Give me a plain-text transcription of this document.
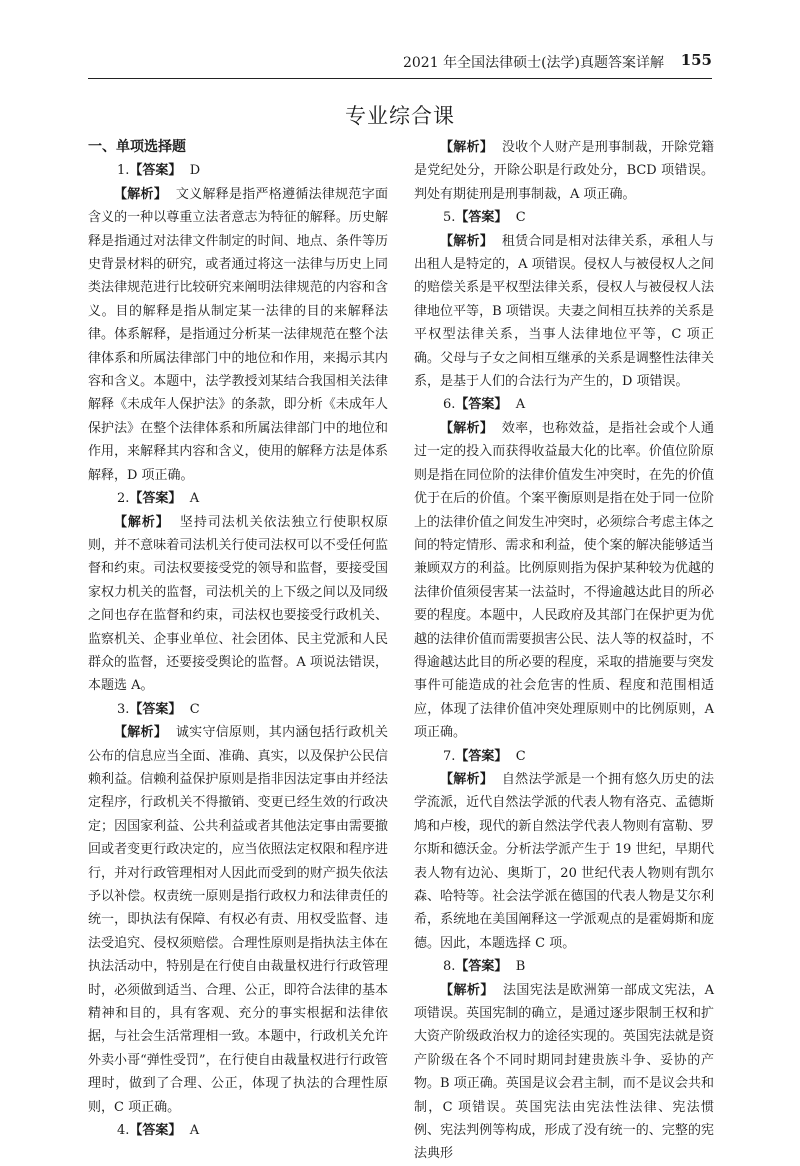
2021 年全国法律硕士(法学)真题答案详解 155
专业综合课

一、单项选择题

1.【答案】 D

【解析】 文义解释是指严格遵循法律规范字面含义的一种以尊重立法者意志为特征的解释。历史解释是指通过对法律文件制定的时间、地点、条件等历史背景材料的研究，或者通过将这一法律与历史上同类法律规范进行比较研究来阐明法律规范的内容和含义。目的解释是指从制定某一法律的目的来解释法律。体系解释，是指通过分析某一法律规范在整个法律体系和所属法律部门中的地位和作用，来揭示其内容和含义。本题中，法学教授刘某结合我国相关法律解释《未成年人保护法》的条款，即分析《未成年人保护法》在整个法律体系和所属法律部门中的地位和作用，来解释其内容和含义，使用的解释方法是体系解释，D 项正确。

2.【答案】 A

【解析】 坚持司法机关依法独立行使职权原则，并不意味着司法机关行使司法权可以不受任何监督和约束。司法权要接受党的领导和监督，要接受国家权力机关的监督，司法机关的上下级之间以及同级之间也存在监督和约束，司法权也要接受行政机关、监察机关、企事业单位、社会团体、民主党派和人民群众的监督，还要接受舆论的监督。A 项说法错误，本题选 A。

3.【答案】 C

【解析】 诚实守信原则，其内涵包括行政机关公布的信息应当全面、准确、真实，以及保护公民信赖利益。信赖利益保护原则是指非因法定事由并经法定程序，行政机关不得撤销、变更已经生效的行政决定；因国家利益、公共利益或者其他法定事由需要撤回或者变更行政决定的，应当依照法定权限和程序进行，并对行政管理相对人因此而受到的财产损失依法予以补偿。权责统一原则是指行政权力和法律责任的统一，即执法有保障、有权必有责、用权受监督、违法受追究、侵权须赔偿。合理性原则是指执法主体在执法活动中，特别是在行使自由裁量权进行行政管理时，必须做到适当、合理、公正，即符合法律的基本精神和目的，具有客观、充分的事实根据和法律依据，与社会生活常理相一致。本题中，行政机关允许外卖小哥“弹性受罚”，在行使自由裁量权进行行政管理时，做到了合理、公正，体现了执法的合理性原则，C 项正确。

4.【答案】 A

【解析】 没收个人财产是刑事制裁，开除党籍是党纪处分，开除公职是行政处分，BCD 项错误。判处有期徒刑是刑事制裁，A 项正确。

5.【答案】 C

【解析】 租赁合同是相对法律关系，承租人与出租人是特定的，A 项错误。侵权人与被侵权人之间的赔偿关系是平权型法律关系，侵权人与被侵权人法律地位平等，B 项错误。夫妻之间相互扶养的关系是平权型法律关系，当事人法律地位平等，C 项正确。父母与子女之间相互继承的关系是调整性法律关系，是基于人们的合法行为产生的，D 项错误。

6.【答案】 A

【解析】 效率，也称效益，是指社会或个人通过一定的投入而获得收益最大化的比率。价值位阶原则是指在同位阶的法律价值发生冲突时，在先的价值优于在后的价值。个案平衡原则是指在处于同一位阶上的法律价值之间发生冲突时，必须综合考虑主体之间的特定情形、需求和利益，使个案的解决能够适当兼顾双方的利益。比例原则指为保护某种较为优越的法律价值须侵害某一法益时，不得逾越达此目的所必要的程度。本题中，人民政府及其部门在保护更为优越的法律价值而需要损害公民、法人等的权益时，不得逾越达此目的所必要的程度，采取的措施要与突发事件可能造成的社会危害的性质、程度和范围相适应，体现了法律价值冲突处理原则中的比例原则，A 项正确。

7.【答案】 C

【解析】 自然法学派是一个拥有悠久历史的法学流派，近代自然法学派的代表人物有洛克、孟德斯鸠和卢梭，现代的新自然法学代表人物则有富勒、罗尔斯和德沃金。分析法学派产生于 19 世纪，早期代表人物有边沁、奥斯丁，20 世纪代表人物则有凯尔森、哈特等。社会法学派在德国的代表人物是艾尔利希，系统地在美国阐释这一学派观点的是霍姆斯和庞德。因此，本题选择 C 项。

8.【答案】 B

【解析】 法国宪法是欧洲第一部成文宪法，A 项错误。英国宪制的确立，是通过逐步限制王权和扩大资产阶级政治权力的途径实现的。英国宪法就是资产阶级在各个不同时期同封建贵族斗争、妥协的产物。B 项正确。英国是议会君主制，而不是议会共和制，C 项错误。英国宪法由宪法性法律、宪法惯例、宪法判例等构成，形成了没有统一的、完整的宪法典形
